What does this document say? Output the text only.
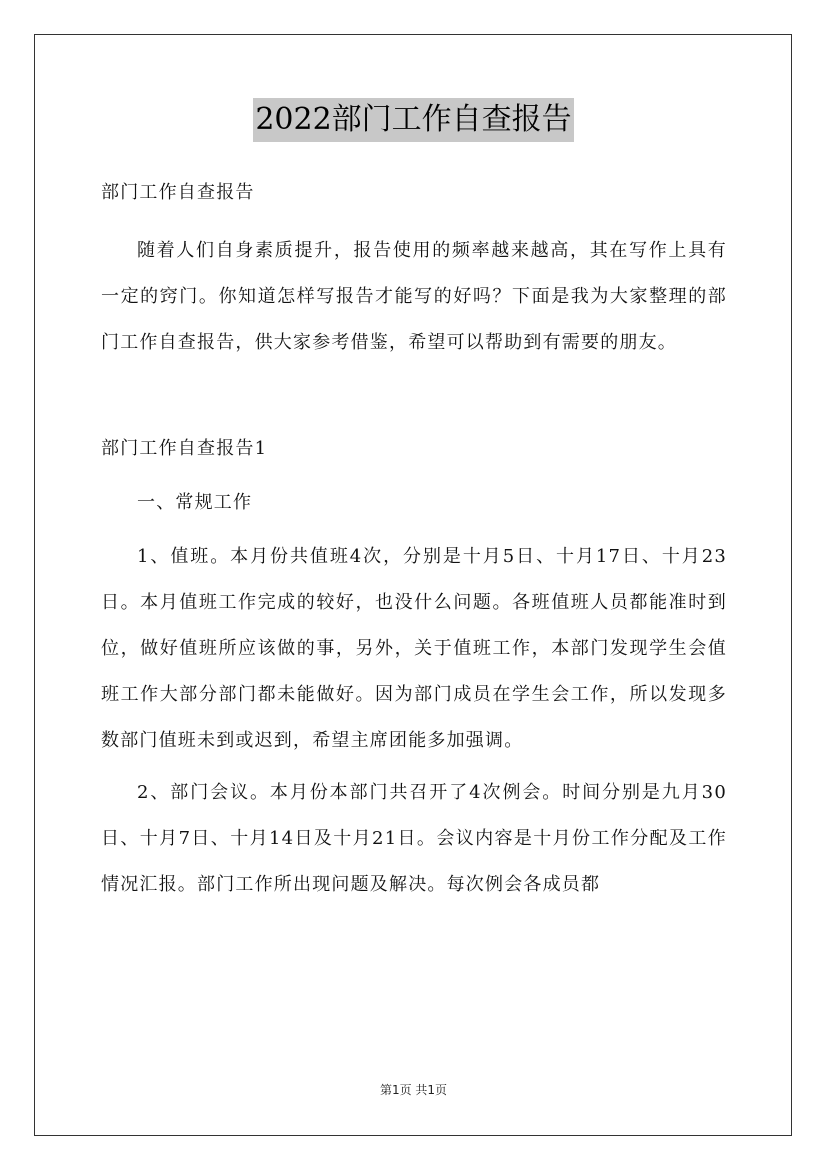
2022部门工作自查报告
部门工作自查报告
随着人们自身素质提升，报告使用的频率越来越高，其在写作上具有一定的窍门。你知道怎样写报告才能写的好吗？下面是我为大家整理的部门工作自查报告，供大家参考借鉴，希望可以帮助到有需要的朋友。
部门工作自查报告1
一、常规工作
1、值班。本月份共值班4次，分别是十月5日、十月17日、十月23日。本月值班工作完成的较好，也没什么问题。各班值班人员都能准时到位，做好值班所应该做的事，另外，关于值班工作，本部门发现学生会值班工作大部分部门都未能做好。因为部门成员在学生会工作，所以发现多数部门值班未到或迟到，希望主席团能多加强调。
2、部门会议。本月份本部门共召开了4次例会。时间分别是九月30日、十月7日、十月14日及十月21日。会议内容是十月份工作分配及工作情况汇报。部门工作所出现问题及解决。每次例会各成员都
第1页 共1页
